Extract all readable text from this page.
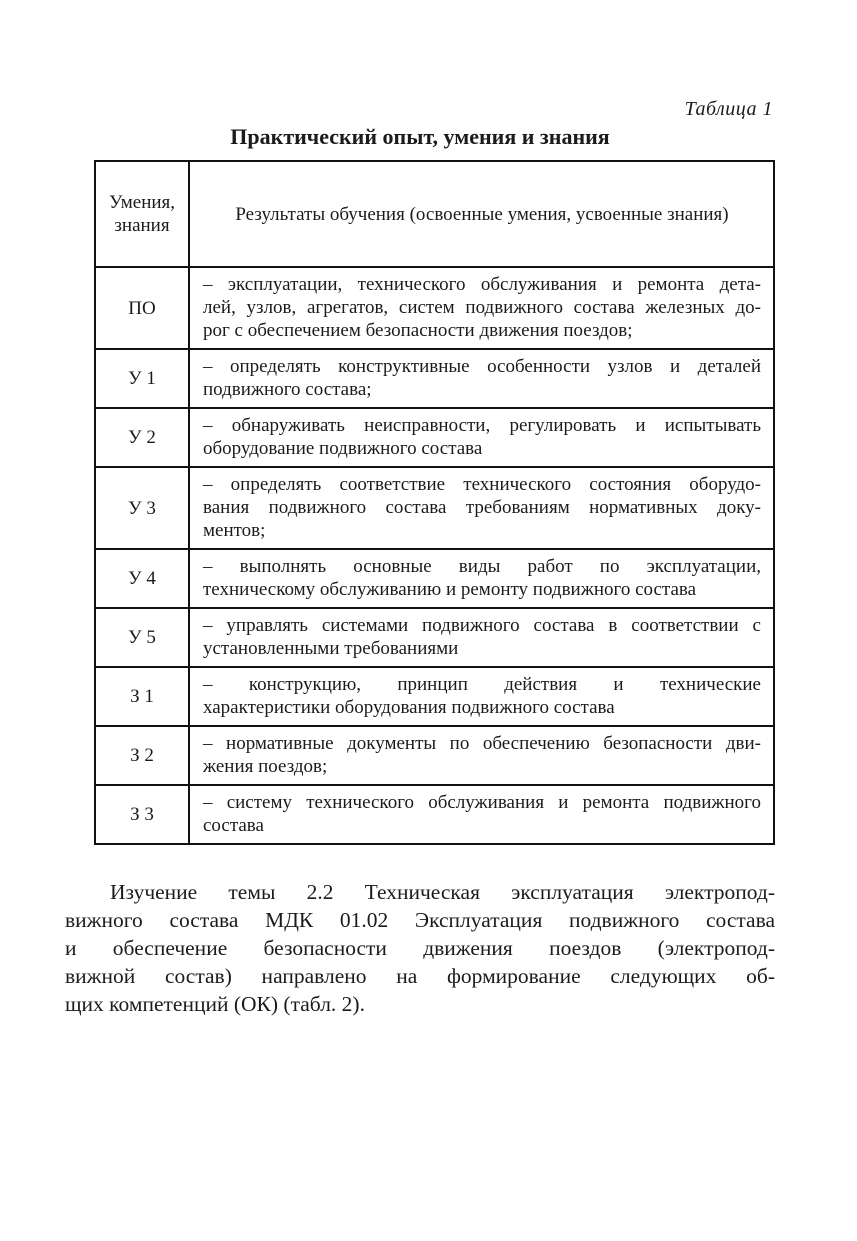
Таблица 1
Практический опыт, умения и знания
Умения,
знания	Результаты обучения (освоенные умения, усвоенные знания)

ПО	– эксплуатации, технического обслуживания и ремонта дета-
лей, узлов, агрегатов, систем подвижного состава железных до-
рог с обеспечением безопасности движения поездов;

У 1	– определять конструктивные особенности узлов и деталей
подвижного состава;

У 2	– обнаруживать неисправности, регулировать и испытывать
оборудование подвижного состава

У 3	– определять соответствие технического состояния оборудо-
вания подвижного состава требованиям нормативных доку-
ментов;

У 4	– выполнять основные виды работ по эксплуатации,
техническому обслуживанию и ремонту подвижного состава

У 5	– управлять системами подвижного состава в соответствии с
установленными требованиями

З 1	– конструкцию, принцип действия и технические
характеристики оборудования подвижного состава

З 2	– нормативные документы по обеспечению безопасности дви-
жения поездов;

З 3	– систему технического обслуживания и ремонта подвижного
состава
Изучение темы 2.2 Техническая эксплуатация электропод-
вижного состава МДК 01.02 Эксплуатация подвижного состава
и обеспечение безопасности движения поездов (электропод-
вижной состав) направлено на формирование следующих об-
щих компетенций (ОК) (табл. 2).
